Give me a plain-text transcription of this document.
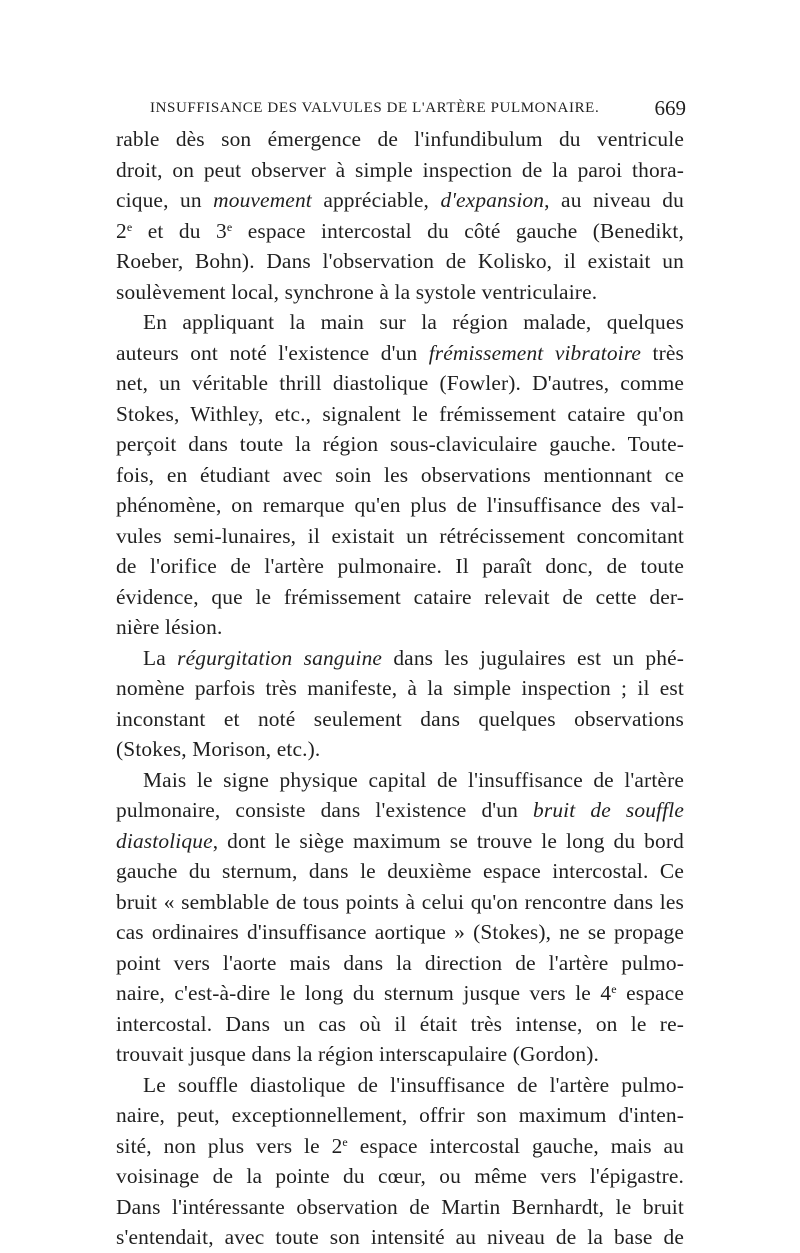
INSUFFISANCE DES VALVULES DE L'ARTÈRE PULMONAIRE.	669
rable dès son émergence de l'infundibulum du ventricule
droit, on peut observer à simple inspection de la paroi thora-
cique, un mouvement appréciable, d'expansion, au niveau du
2e et du 3e espace intercostal du côté gauche (Benedikt,
Roeber, Bohn). Dans l'observation de Kolisko, il existait un
soulèvement local, synchrone à la systole ventriculaire.
En appliquant la main sur la région malade, quelques
auteurs ont noté l'existence d'un frémissement vibratoire très
net, un véritable thrill diastolique (Fowler). D'autres, comme
Stokes, Withley, etc., signalent le frémissement cataire qu'on
perçoit dans toute la région sous-claviculaire gauche. Toute-
fois, en étudiant avec soin les observations mentionnant ce
phénomène, on remarque qu'en plus de l'insuffisance des val-
vules semi-lunaires, il existait un rétrécissement concomitant
de l'orifice de l'artère pulmonaire. Il paraît donc, de toute
évidence, que le frémissement cataire relevait de cette der-
nière lésion.
La régurgitation sanguine dans les jugulaires est un phé-
nomène parfois très manifeste, à la simple inspection ; il est
inconstant et noté seulement dans quelques observations
(Stokes, Morison, etc.).
Mais le signe physique capital de l'insuffisance de l'artère
pulmonaire, consiste dans l'existence d'un bruit de souffle
diastolique, dont le siège maximum se trouve le long du bord
gauche du sternum, dans le deuxième espace intercostal. Ce
bruit « semblable de tous points à celui qu'on rencontre dans les
cas ordinaires d'insuffisance aortique » (Stokes), ne se propage
point vers l'aorte mais dans la direction de l'artère pulmo-
naire, c'est-à-dire le long du sternum jusque vers le 4e espace
intercostal. Dans un cas où il était très intense, on le re-
trouvait jusque dans la région interscapulaire (Gordon).
Le souffle diastolique de l'insuffisance de l'artère pulmo-
naire, peut, exceptionnellement, offrir son maximum d'inten-
sité, non plus vers le 2e espace intercostal gauche, mais au
voisinage de la pointe du cœur, ou même vers l'épigastre.
Dans l'intéressante observation de Martin Bernhardt, le bruit
s'entendait, avec toute son intensité au niveau de la base de
